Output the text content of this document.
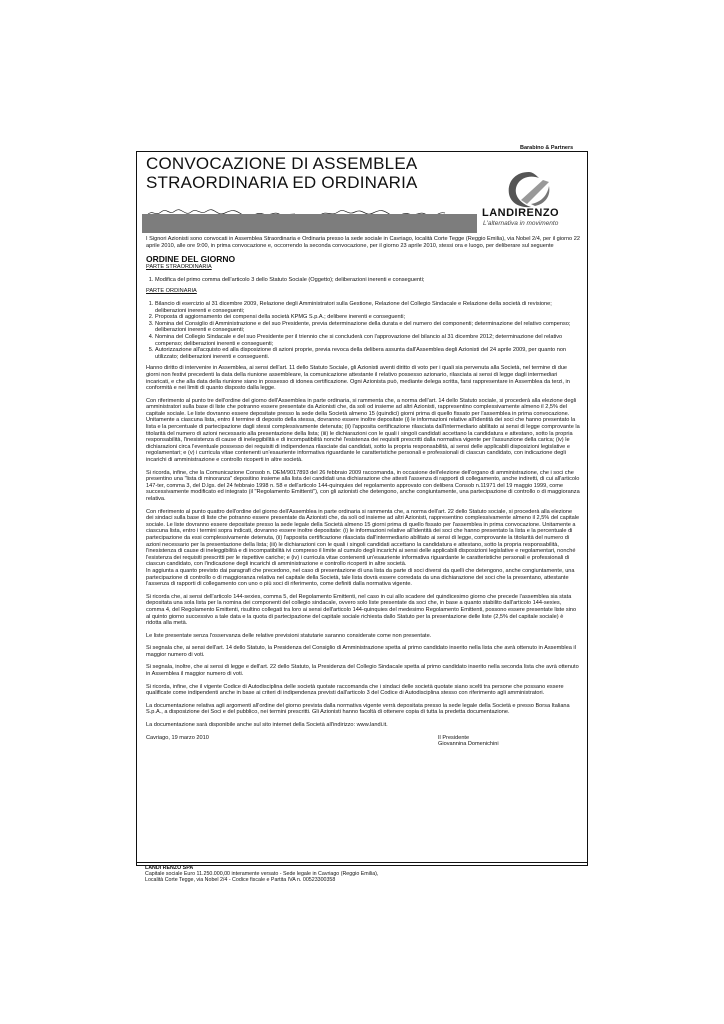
Barabino & Partners
CONVOCAZIONE DI ASSEMBLEA
STRAORDINARIA ED ORDINARIA
LANDIRENZO
L'alternativa in movimento

I Signori Azionisti sono convocati in Assemblea Straordinaria e Ordinaria presso la sede sociale in Cavriago, località Corte Tegge (Reggio Emilia), via Nobel 2/4, per il giorno 22 aprile 2010, alle ore 9:00, in prima convocazione e, occorrendo la seconda convocazione, per il giorno 23 aprile 2010, stessi ora e luogo, per deliberare sul seguente

ORDINE DEL GIORNO

PARTE STRAORDINARIA

1. Modifica del primo comma dell'articolo 3 dello Statuto Sociale (Oggetto); deliberazioni inerenti e conseguenti;

PARTE ORDINARIA

1. Bilancio di esercizio al 31 dicembre 2009, Relazione degli Amministratori sulla Gestione, Relazione del Collegio Sindacale e Relazione della società di revisione; deliberazioni inerenti e conseguenti;
2. Proposta di aggiornamento dei compensi della società KPMG S.p.A.; delibere inerenti e conseguenti;
3. Nomina del Consiglio di Amministrazione e del suo Presidente, previa determinazione della durata e del numero dei componenti; determinazione del relativo compenso; deliberazioni inerenti e conseguenti;
4. Nomina del Collegio Sindacale e del suo Presidente per il triennio che si concluderà con l'approvazione del bilancio al 31 dicembre 2012; determinazione del relativo compenso; deliberazioni inerenti e conseguenti;
5. Autorizzazione all'acquisto ed alla disposizione di azioni proprie, previa revoca della delibera assunta dall'Assemblea degli Azionisti del 24 aprile 2009, per quanto non utilizzato; deliberazioni inerenti e conseguenti.

Hanno diritto di intervenire in Assemblea, ai sensi dell'art. 11 dello Statuto Sociale, gli Azionisti aventi diritto di voto per i quali sia pervenuta alla Società, nel termine di due giorni non festivi precedenti la data della riunione assembleare, la comunicazione attestante il relativo possesso azionario, rilasciata ai sensi di legge dagli intermediari incaricati, e che alla data della riunione siano in possesso di idonea certificazione. Ogni Azionista può, mediante delega scritta, farsi rappresentare in Assemblea da terzi, in conformità e nei limiti di quanto disposto dalla legge.

Con riferimento al punto tre dell'ordine del giorno dell'Assemblea in parte ordinaria, si rammenta che, a norma dell'art. 14 dello Statuto sociale, si procederà alla elezione degli amministratori sulla base di liste che potranno essere presentate da Azionisti che, da soli od insieme ad altri Azionisti, rappresentino complessivamente almeno il 2,5% del capitale sociale. Le liste dovranno essere depositate presso la sede della Società almeno 15 (quindici) giorni prima di quello fissato per l'assemblea in prima convocazione. Unitamente a ciascuna lista, entro il termine di deposito della stessa, dovranno essere inoltre depositate (i) le informazioni relative all'identità dei soci che hanno presentato la lista e la percentuale di partecipazione dagli stessi complessivamente detenuta; (ii) l'apposita certificazione rilasciata dall'intermediario abilitato ai sensi di legge comprovante la titolarità del numero di azioni necessario alla presentazione della lista; (iii) le dichiarazioni con le quali i singoli candidati accettano la candidatura e attestano, sotto la propria responsabilità, l'inesistenza di cause di ineleggibilità e di incompatibilità nonché l'esistenza dei requisiti prescritti dalla normativa vigente per l'assunzione della carica; (iv) le dichiarazioni circa l'eventuale possesso dei requisiti di indipendenza rilasciate dai candidati, sotto la propria responsabilità, ai sensi delle applicabili disposizioni legislative e regolamentari; e (v) i curricula vitae contenenti un'esauriente informativa riguardante le caratteristiche personali e professionali di ciascun candidato, con indicazione degli incarichi di amministrazione e controllo ricoperti in altre società.

Si ricorda, infine, che la Comunicazione Consob n. DEM/9017893 del 26 febbraio 2009 raccomanda, in occasione dell'elezione dell'organo di amministrazione, che i soci che presentino una "lista di minoranza" depositino insieme alla lista dei candidati una dichiarazione che attesti l'assenza di rapporti di collegamento, anche indiretti, di cui all'articolo 147-ter, comma 3, del D.lgs. del 24 febbraio 1998 n. 58 e dell'articolo 144-quinquies del regolamento approvato con delibera Consob n.11971 del 19 maggio 1999, come successivamente modificato ed integrato (il "Regolamento Emittenti"), con gli azionisti che detengono, anche congiuntamente, una partecipazione di controllo o di maggioranza relativa.

Con riferimento al punto quattro dell'ordine del giorno dell'Assemblea in parte ordinaria si rammenta che, a norma dell'art. 22 dello Statuto sociale, si procederà alla elezione dei sindaci sulla base di liste che potranno essere presentate da Azionisti che, da soli od insieme ad altri Azionisti, rappresentino complessivamente almeno il 2,5% del capitale sociale. Le liste dovranno essere depositate presso la sede legale della Società almeno 15 giorni prima di quello fissato per l'assemblea in prima convocazione. Unitamente a ciascuna lista, entro i termini sopra indicati, dovranno essere inoltre depositate: (i) le informazioni relative all'identità dei soci che hanno presentato la lista e la percentuale di partecipazione da essi complessivamente detenuta, (ii) l'apposita certificazione rilasciata dall'intermediario abilitato ai sensi di legge, comprovante la titolarità del numero di azioni necessario per la presentazione della lista; (iii) le dichiarazioni con le quali i singoli candidati accettano la candidatura e attestano, sotto la propria responsabilità, l'inesistenza di cause di ineleggibilità e di incompatibilità ivi compreso il limite al cumulo degli incarichi ai sensi delle applicabili disposizioni legislative e regolamentari, nonché l'esistenza dei requisiti prescritti per le rispettive cariche; e (iv) i curricula vitae contenenti un'esauriente informativa riguardante le caratteristiche personali e professionali di ciascun candidato, con l'indicazione degli incarichi di amministrazione e controllo ricoperti in altre società.
In aggiunta a quanto previsto dai paragrafi che precedono, nel caso di presentazione di una lista da parte di soci diversi da quelli che detengono, anche congiuntamente, una partecipazione di controllo o di maggioranza relativa nel capitale della Società, tale lista dovrà essere corredata da una dichiarazione dei soci che la presentano, attestante l'assenza di rapporti di collegamento con uno o più soci di riferimento, come definiti dalla normativa vigente.

Si ricorda che, ai sensi dell'articolo 144-sexies, comma 5, del Regolamento Emittenti, nel caso in cui allo scadere del quindicesimo giorno che precede l'assemblea sia stata depositata una sola lista per la nomina dei componenti del collegio sindacale, ovvero solo liste presentate da soci che, in base a quanto stabilito dall'articolo 144-sexies, comma 4, del Regolamento Emittenti, risultino collegati tra loro ai sensi dell'articolo 144-quinquies del medesimo Regolamento Emittenti, possono essere presentate liste sino al quinto giorno successivo a tale data e la quota di partecipazione del capitale sociale richiesta dallo Statuto per la presentazione delle liste (2,5% del capitale sociale) è ridotta alla metà.

Le liste presentate senza l'osservanza delle relative previsioni statutarie saranno considerate come non presentate.

Si segnala che, ai sensi dell'art. 14 dello Statuto, la Presidenza del Consiglio di Amministrazione spetta al primo candidato inserito nella lista che avrà ottenuto in Assemblea il maggior numero di voti.

Si segnala, inoltre, che ai sensi di legge e dell'art. 22 dello Statuto, la Presidenza del Collegio Sindacale spetta al primo candidato inserito nella seconda lista che avrà ottenuto in Assemblea il maggior numero di voti.

Si ricorda, infine, che il vigente Codice di Autodisciplina delle società quotate raccomanda che i sindaci delle società quotate siano scelti tra persone che possano essere qualificate come indipendenti anche in base ai criteri di indipendenza previsti dall'articolo 3 del Codice di Autodisciplina stesso con riferimento agli amministratori.

La documentazione relativa agli argomenti all'ordine del giorno prevista dalla normativa vigente verrà depositata presso la sede legale della Società e presso Borsa Italiana S.p.A., a disposizione dei Soci e del pubblico, nei termini prescritti. Gli Azionisti hanno facoltà di ottenere copia di tutta la predetta documentazione.

La documentazione sarà disponibile anche sul sito internet della Società all'indirizzo: www.landi.it.

Cavriago, 19 marzo 2010	Il Presidente
Giovannina Domenichini
LANDI RENZO SPA
Capitale sociale Euro 11.250.000,00 interamente versato - Sede legale in Cavriago (Reggio Emilia),
Località Corte Tegge, via Nobel 2/4 - Codice fiscale e Partita IVA n. 00523300358
